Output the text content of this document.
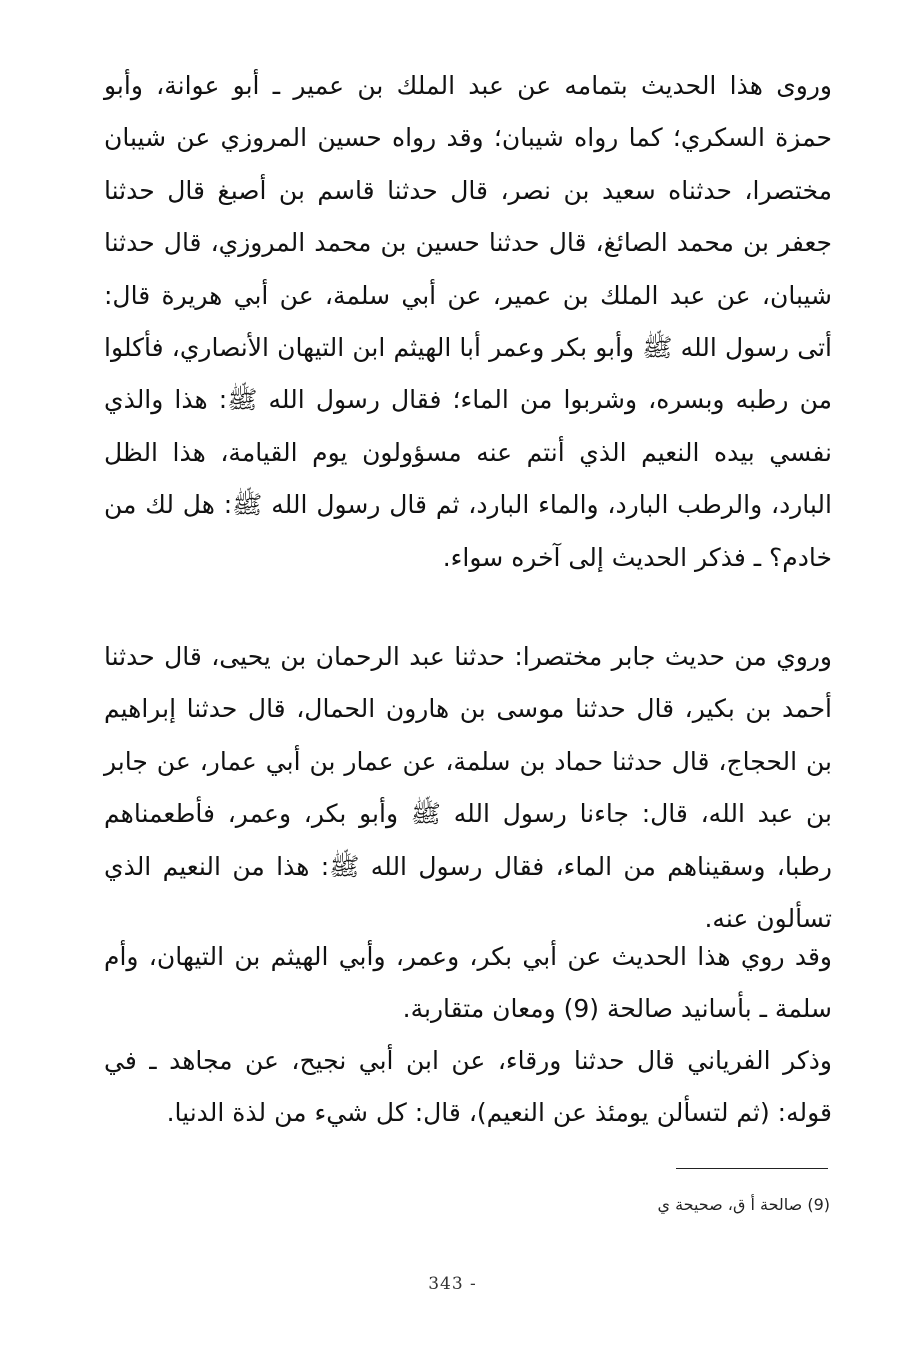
وروى هذا الحديث بتمامه عن عبد الملك بن عمير ـ أبو عوانة، وأبو حمزة السكري؛ كما رواه شيبان؛ وقد رواه حسين المروزي عن شيبان مختصرا، حدثناه سعيد بن نصر، قال حدثنا قاسم بن أصبغ قال حدثنا جعفر بن محمد الصائغ، قال حدثنا حسين بن محمد المروزي، قال حدثنا شيبان، عن عبد الملك بن عمير، عن أبي سلمة، عن أبي هريرة قال: أتى رسول الله ﷺ وأبو بكر وعمر أبا الهيثم ابن التيهان الأنصاري، فأكلوا من رطبه وبسره، وشربوا من الماء؛ فقال رسول الله ﷺ: هذا والذي نفسي بيده النعيم الذي أنتم عنه مسؤولون يوم القيامة، هذا الظل البارد، والرطب البارد، والماء البارد، ثم قال رسول الله ﷺ: هل لك من خادم؟ ـ فذكر الحديث إلى آخره سواء.

وروي من حديث جابر مختصرا: حدثنا عبد الرحمان بن يحيى، قال حدثنا أحمد بن بكير، قال حدثنا موسى بن هارون الحمال، قال حدثنا إبراهيم بن الحجاج، قال حدثنا حماد بن سلمة، عن عمار بن أبي عمار، عن جابر بن عبد الله، قال: جاءنا رسول الله ﷺ وأبو بكر، وعمر، فأطعمناهم رطبا، وسقيناهم من الماء، فقال رسول الله ﷺ: هذا من النعيم الذي تسألون عنه.

وقد روي هذا الحديث عن أبي بكر، وعمر، وأبي الهيثم بن التيهان، وأم سلمة ـ بأسانيد صالحة (9) ومعان متقاربة.

وذكر الفرياني قال حدثنا ورقاء، عن ابن أبي نجيح، عن مجاهد ـ في قوله: (ثم لتسألن يومئذ عن النعيم)، قال: كل شيء من لذة الدنيا.

(9) صالحة أ ق، صحيحة ي

343 -
